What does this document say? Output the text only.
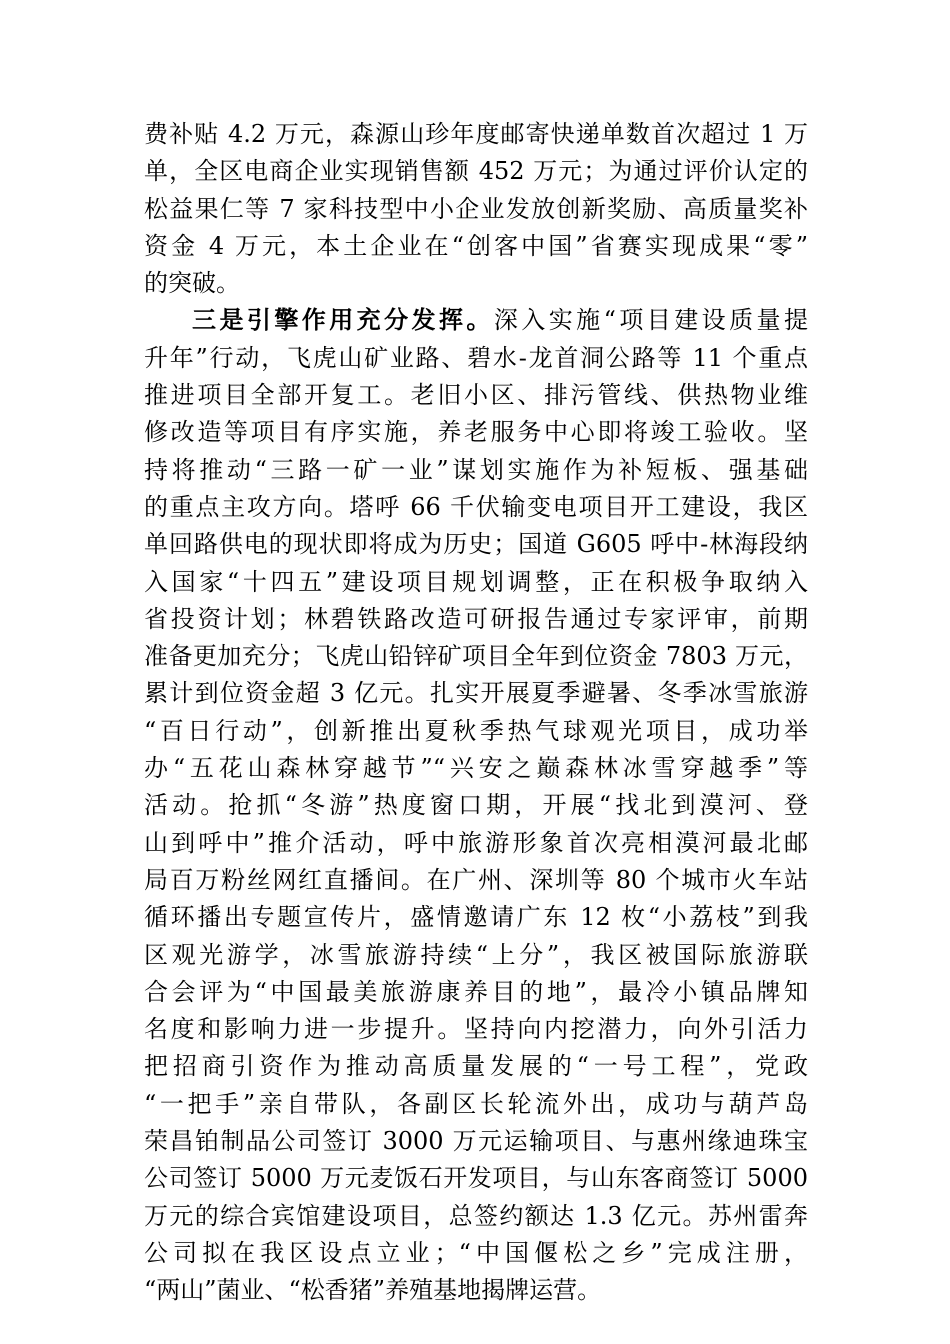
费补贴 4.2 万元，森源山珍年度邮寄快递单数首次超过 1 万
单，全区电商企业实现销售额 452 万元；为通过评价认定的
松益果仁等 7 家科技型中小企业发放创新奖励、高质量奖补
资金 4 万元，本土企业在“创客中国”省赛实现成果“零”
的突破。
三是引擎作用充分发挥。深入实施“项目建设质量提
升年”行动，飞虎山矿业路、碧水-龙首洞公路等 11 个重点
推进项目全部开复工。老旧小区、排污管线、供热物业维
修改造等项目有序实施，养老服务中心即将竣工验收。坚
持将推动“三路一矿一业”谋划实施作为补短板、强基础
的重点主攻方向。塔呼 66 千伏输变电项目开工建设，我区
单回路供电的现状即将成为历史；国道 G605 呼中-林海段纳
入国家“十四五”建设项目规划调整，正在积极争取纳入
省投资计划；林碧铁路改造可研报告通过专家评审，前期
准备更加充分；飞虎山铅锌矿项目全年到位资金 7803 万元，
累计到位资金超 3 亿元。扎实开展夏季避暑、冬季冰雪旅游
“百日行动”，创新推出夏秋季热气球观光项目，成功举
办“五花山森林穿越节”“兴安之巅森林冰雪穿越季”等
活动。抢抓“冬游”热度窗口期，开展“找北到漠河、登
山到呼中”推介活动，呼中旅游形象首次亮相漠河最北邮
局百万粉丝网红直播间。在广州、深圳等 80 个城市火车站
循环播出专题宣传片，盛情邀请广东 12 枚“小荔枝”到我
区观光游学，冰雪旅游持续“上分”，我区被国际旅游联
合会评为“中国最美旅游康养目的地”，最冷小镇品牌知
名度和影响力进一步提升。坚持向内挖潜力，向外引活力
把招商引资作为推动高质量发展的“一号工程”，党政
“一把手”亲自带队，各副区长轮流外出，成功与葫芦岛
荣昌铂制品公司签订 3000 万元运输项目、与惠州缘迪珠宝
公司签订 5000 万元麦饭石开发项目，与山东客商签订 5000
万元的综合宾馆建设项目，总签约额达 1.3 亿元。苏州雷奔
公司拟在我区设点立业；“中国偃松之乡”完成注册，
“两山”菌业、“松香猪”养殖基地揭牌运营。
